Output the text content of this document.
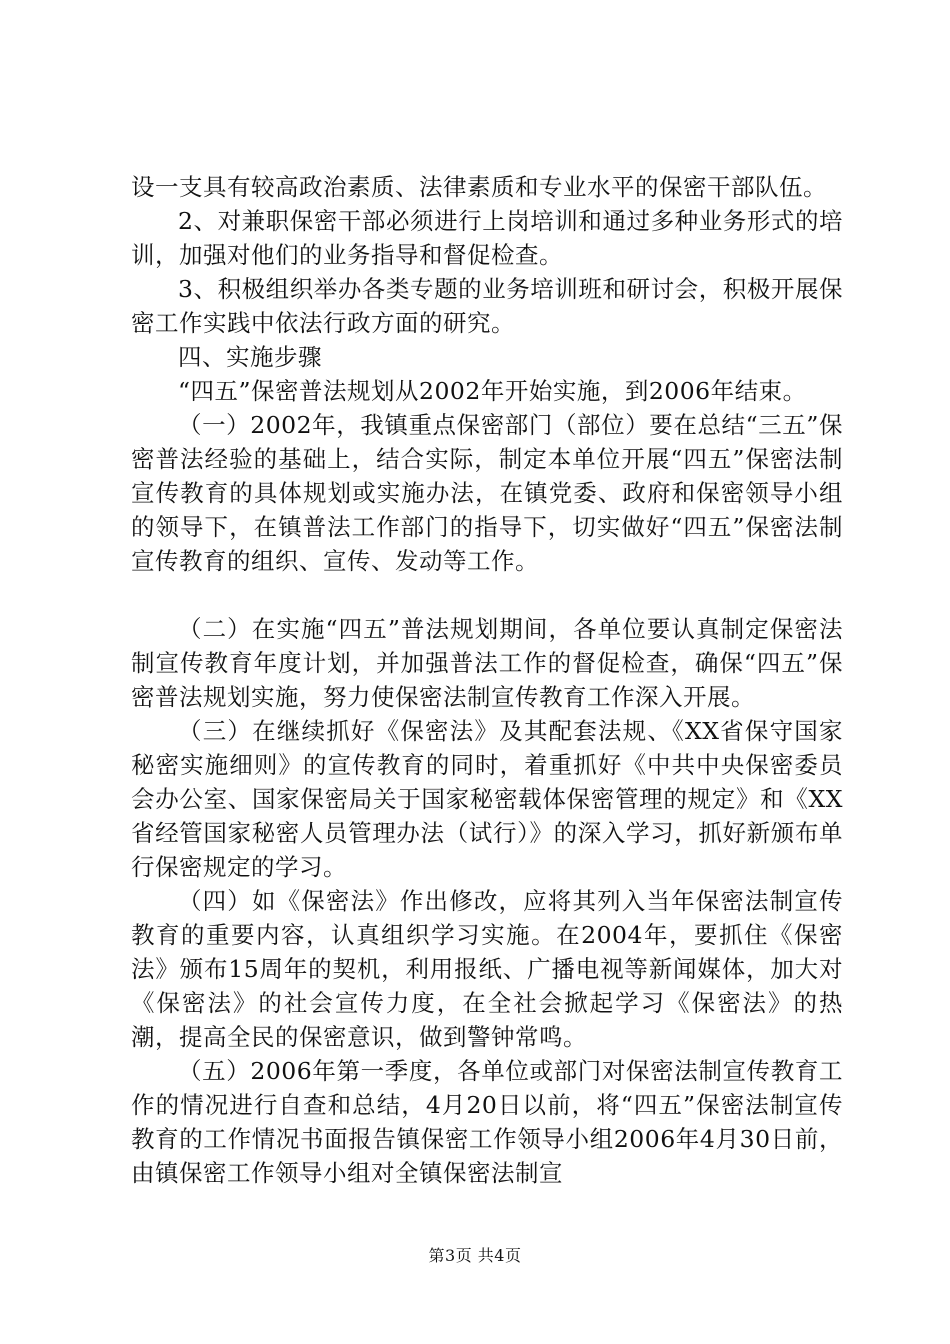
设一支具有较高政治素质、法律素质和专业水平的保密干部队伍。

2、对兼职保密干部必须进行上岗培训和通过多种业务形式的培训，加强对他们的业务指导和督促检查。

3、积极组织举办各类专题的业务培训班和研讨会，积极开展保密工作实践中依法行政方面的研究。

四、实施步骤

“四五”保密普法规划从2002年开始实施，到2006年结束。

（一）2002年，我镇重点保密部门（部位）要在总结“三五”保密普法经验的基础上，结合实际，制定本单位开展“四五”保密法制宣传教育的具体规划或实施办法，在镇党委、政府和保密领导小组的领导下，在镇普法工作部门的指导下，切实做好“四五”保密法制宣传教育的组织、宣传、发动等工作。

（二）在实施“四五”普法规划期间，各单位要认真制定保密法制宣传教育年度计划，并加强普法工作的督促检查，确保“四五”保密普法规划实施，努力使保密法制宣传教育工作深入开展。

（三）在继续抓好《保密法》及其配套法规、《XX省保守国家秘密实施细则》的宣传教育的同时，着重抓好《中共中央保密委员会办公室、国家保密局关于国家秘密载体保密管理的规定》和《XX省经管国家秘密人员管理办法（试行）》的深入学习，抓好新颁布单行保密规定的学习。

（四）如《保密法》作出修改，应将其列入当年保密法制宣传教育的重要内容，认真组织学习实施。在2004年，要抓住《保密法》颁布15周年的契机，利用报纸、广播电视等新闻媒体，加大对《保密法》的社会宣传力度，在全社会掀起学习《保密法》的热潮，提高全民的保密意识，做到警钟常鸣。

（五）2006年第一季度，各单位或部门对保密法制宣传教育工作的情况进行自查和总结，4月20日以前，将“四五”保密法制宣传教育的工作情况书面报告镇保密工作领导小组2006年4月30日前，由镇保密工作领导小组对全镇保密法制宣

第3页 共4页
